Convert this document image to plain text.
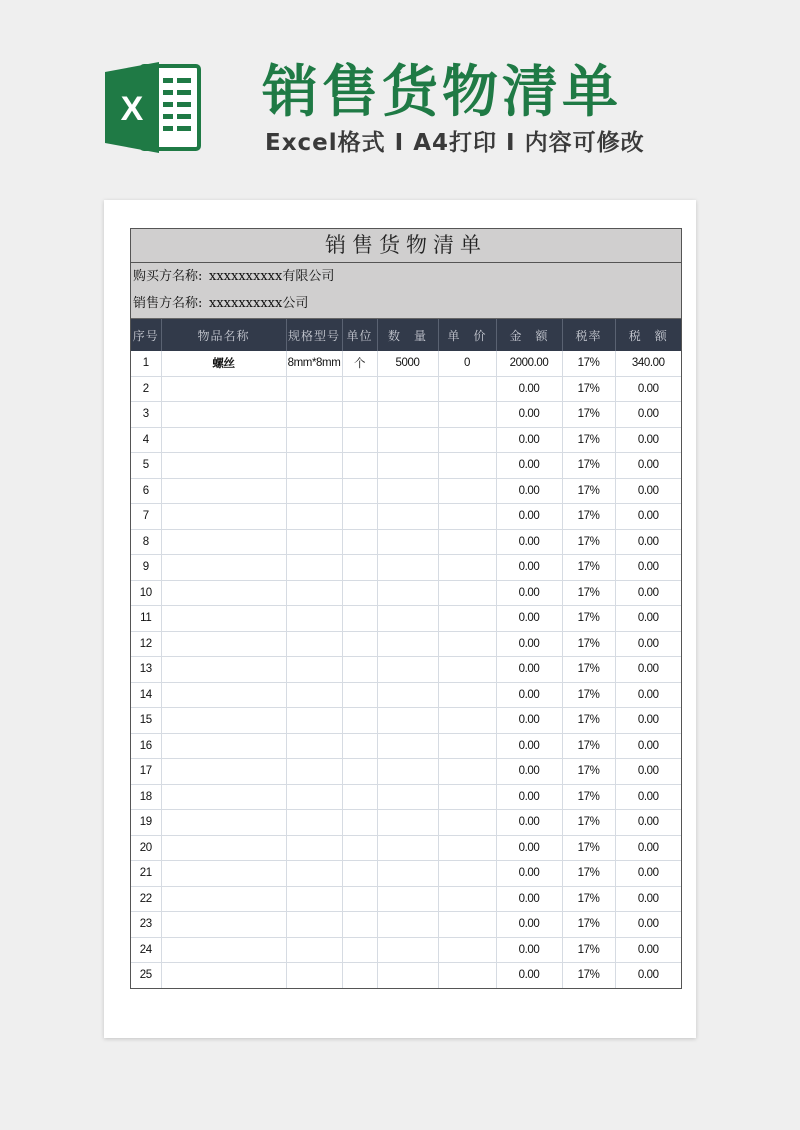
X 销售货物清单
Excel格式 I A4打印 I 内容可修改
销售货物清单
购买方名称: xxxxxxxxxx有限公司
销售方名称: xxxxxxxxxx公司
序号	物品名称	规格型号	单位	数　量	单　价	金　额	税率	税　额
1	螺丝	8mm*8mm	个	5000	0	2000.00	17%	340.00
2						0.00	17%	0.00
3						0.00	17%	0.00
4						0.00	17%	0.00
5						0.00	17%	0.00
6						0.00	17%	0.00
7						0.00	17%	0.00
8						0.00	17%	0.00
9						0.00	17%	0.00
10						0.00	17%	0.00
11						0.00	17%	0.00
12						0.00	17%	0.00
13						0.00	17%	0.00
14						0.00	17%	0.00
15						0.00	17%	0.00
16						0.00	17%	0.00
17						0.00	17%	0.00
18						0.00	17%	0.00
19						0.00	17%	0.00
20						0.00	17%	0.00
21						0.00	17%	0.00
22						0.00	17%	0.00
23						0.00	17%	0.00
24						0.00	17%	0.00
25						0.00	17%	0.00
